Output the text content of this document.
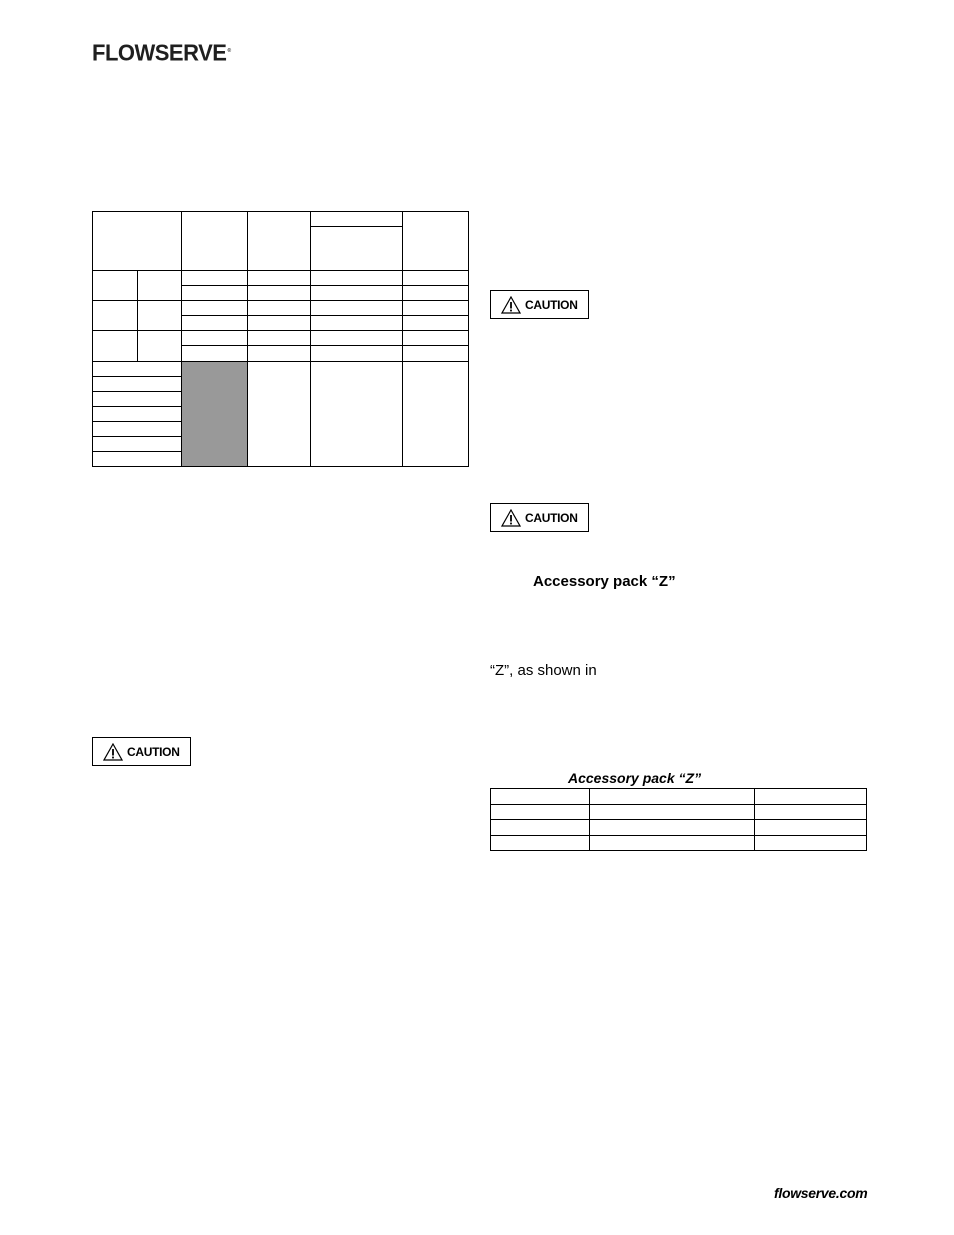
FLOWSERVE®

CAUTION
CAUTION
CAUTION
Accessory pack “Z”
“Z”, as shown in
Accessory pack “Z”

flowserve.com
